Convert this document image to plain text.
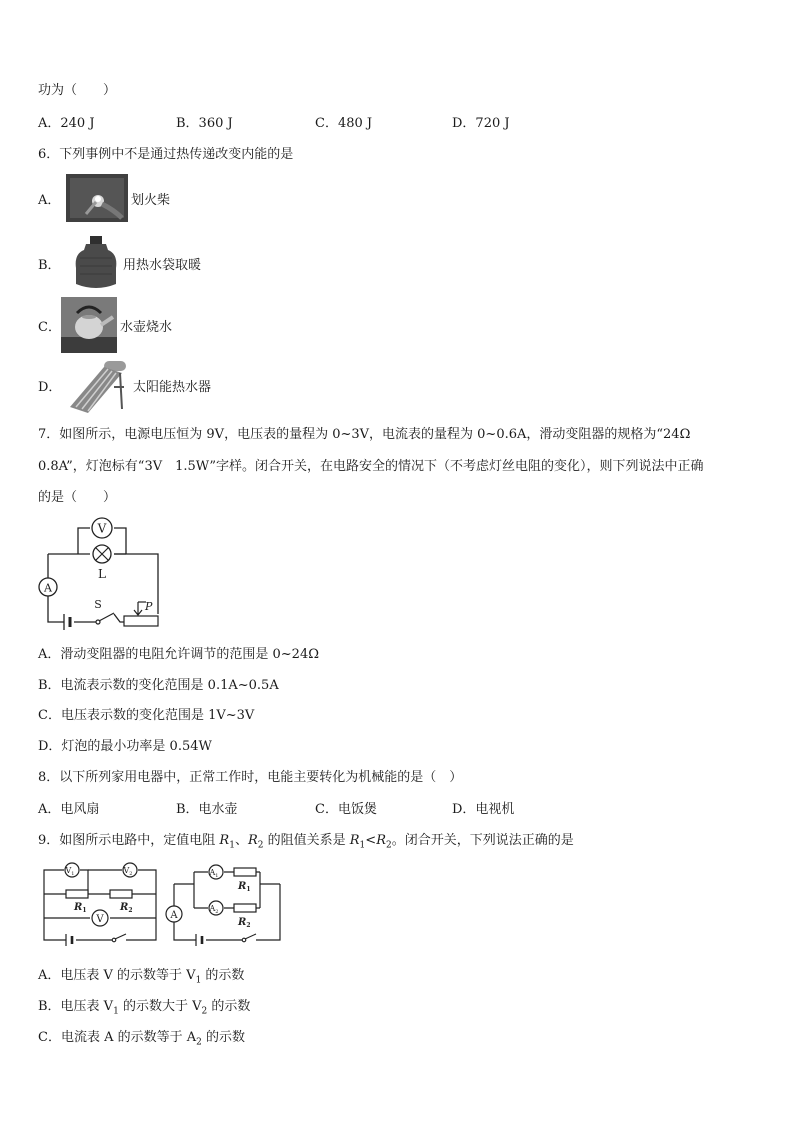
功为（　　）
A．240 J	B．360 J	C．480 J	D．720 J
6．下列事例中不是通过热传递改变内能的是
A．	划火柴
B．	用热水袋取暖
C．	水壶烧水
D．	太阳能热水器
7．如图所示，电源电压恒为 9V，电压表的量程为 0~3V，电流表的量程为 0~0.6A，滑动变阻器的规格为“24Ω
0.8A”，灯泡标有“3V　1.5W”字样。闭合开关，在电路安全的情况下（不考虑灯丝电阻的变化），则下列说法中正确
的是（　　）
V
L
A
S	P
A．滑动变阻器的电阻允许调节的范围是 0~24Ω
B．电流表示数的变化范围是 0.1A~0.5A
C．电压表示数的变化范围是 1V~3V
D．灯泡的最小功率是 0.54W
8．以下所列家用电器中，正常工作时，电能主要转化为机械能的是（　）
A．电风扇	B．电水壶	C．电饭煲	D．电视机
9．如图所示电路中，定值电阻 $R_1$、$R_2$ 的阻值关系是 $R_1<R_2$。闭合开关，下列说法正确的是
$V_1$	$V_2$
$R_1$	$R_2$
V
$A_1$
$A_2$
$R_1$
$R_2$
A
A．电压表 V 的示数等于 $V_1$ 的示数
B．电压表 $V_1$ 的示数大于 $V_2$ 的示数
C．电流表 A 的示数等于 $A_2$ 的示数
